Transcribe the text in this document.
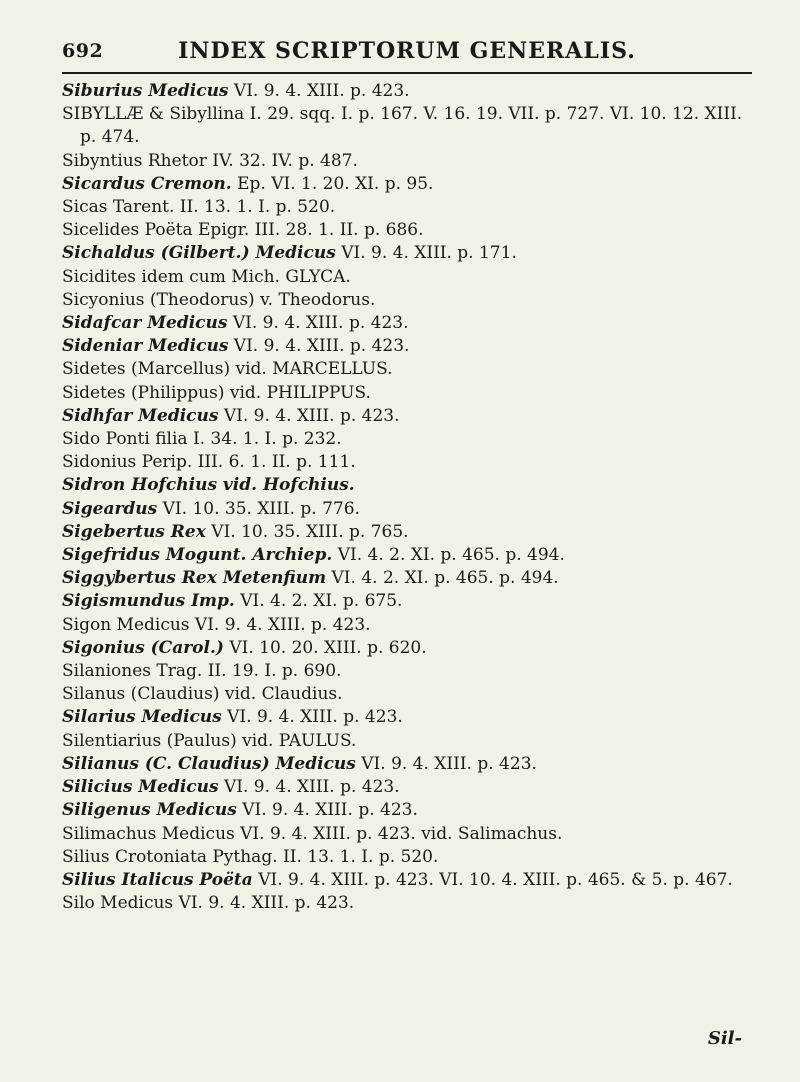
692	INDEX SCRIPTORUM GENERALIS.
Siburius Medicus VI. 9. 4. XIII. p. 423.
SIBYLLÆ & Sibyllina I. 29. sqq. I. p. 167. V. 16. 19. VII. p. 727. VI. 10. 12. XIII. p. 474.
Sibyntius Rhetor IV. 32. IV. p. 487.
Sicardus Cremon. Ep. VI. 1. 20. XI. p. 95.
Sicas Tarent. II. 13. 1. I. p. 520.
Sicelides Poëta Epigr. III. 28. 1. II. p. 686.
Sichaldus (Gilbert.) Medicus VI. 9. 4. XIII. p. 171.
Sicidites idem cum Mich. GLYCA.
Sicyonius (Theodorus) v. Theodorus.
Sidafcar Medicus VI. 9. 4. XIII. p. 423.
Sideniar Medicus VI. 9. 4. XIII. p. 423.
Sidetes (Marcellus) vid. MARCELLUS.
Sidetes (Philippus) vid. PHILIPPUS.
Sidhfar Medicus VI. 9. 4. XIII. p. 423.
Sido Ponti filia I. 34. 1. I. p. 232.
Sidonius Perip. III. 6. 1. II. p. 111.
Sidron Hofchius vid. Hofchius.
Sigeardus VI. 10. 35. XIII. p. 776.
Sigebertus Rex VI. 10. 35. XIII. p. 765.
Sigefridus Mogunt. Archiep. VI. 4. 2. XI. p. 465. p. 494.
Siggybertus Rex Metenfium VI. 4. 2. XI. p. 465. p. 494.
Sigismundus Imp. VI. 4. 2. XI. p. 675.
Sigon Medicus VI. 9. 4. XIII. p. 423.
Sigonius (Carol.) VI. 10. 20. XIII. p. 620.
Silaniones Trag. II. 19. I. p. 690.
Silanus (Claudius) vid. Claudius.
Silarius Medicus VI. 9. 4. XIII. p. 423.
Silentiarius (Paulus) vid. PAULUS.
Silianus (C. Claudius) Medicus VI. 9. 4. XIII. p. 423.
Silicius Medicus VI. 9. 4. XIII. p. 423.
Siligenus Medicus VI. 9. 4. XIII. p. 423.
Silimachus Medicus VI. 9. 4. XIII. p. 423. vid. Salimachus.
Silius Crotoniata Pythag. II. 13. 1. I. p. 520.
Silius Italicus Poëta VI. 9. 4. XIII. p. 423. VI. 10. 4. XIII. p. 465. & 5. p. 467.
Silo Medicus VI. 9. 4. XIII. p. 423.
Sil-
